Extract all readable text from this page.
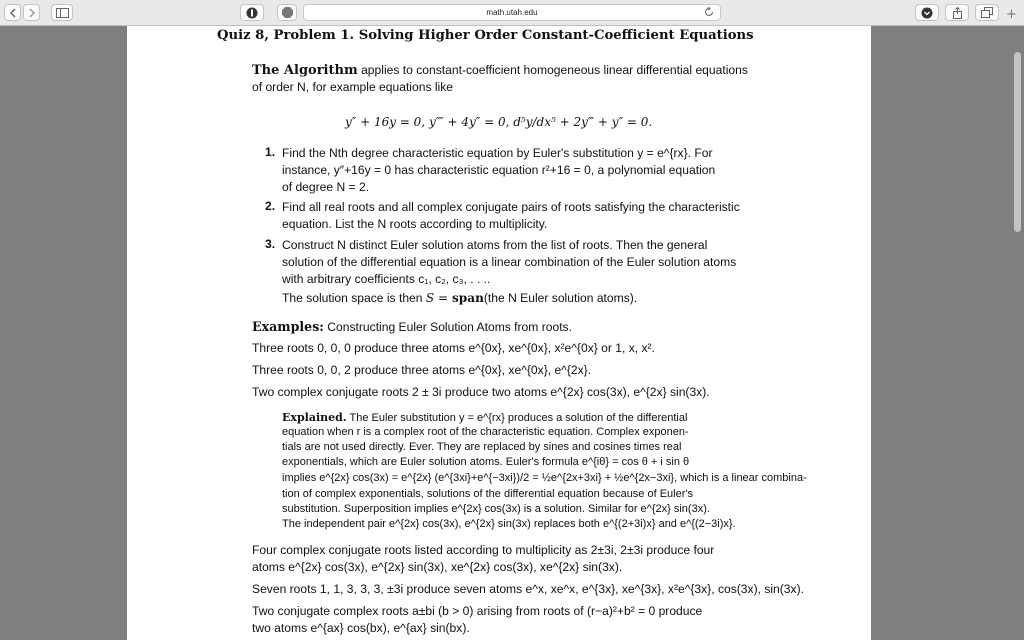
math.utah.edu	+
Quiz 8, Problem 1. Solving Higher Order Constant-Coefficient Equations
The Algorithm applies to constant-coefficient homogeneous linear differential equations
of order N, for example equations like
y″ + 16y = 0, y⁗ + 4y″ = 0, d⁵y/dx⁵ + 2y‴ + y″ = 0.
1. Find the Nth degree characteristic equation by Euler's substitution y = e^{rx}. For
instance, y″+16y = 0 has characteristic equation r²+16 = 0, a polynomial equation
of degree N = 2.
2. Find all real roots and all complex conjugate pairs of roots satisfying the characteristic
equation. List the N roots according to multiplicity.
3. Construct N distinct Euler solution atoms from the list of roots. Then the general
solution of the differential equation is a linear combination of the Euler solution atoms
with arbitrary coefficients c₁, c₂, c₃, . . ..
The solution space is then S = span(the N Euler solution atoms).
Examples: Constructing Euler Solution Atoms from roots.
Three roots 0, 0, 0 produce three atoms e^{0x}, xe^{0x}, x²e^{0x} or 1, x, x².
Three roots 0, 0, 2 produce three atoms e^{0x}, xe^{0x}, e^{2x}.
Two complex conjugate roots 2 ± 3i produce two atoms e^{2x} cos(3x), e^{2x} sin(3x).
Explained. The Euler substitution y = e^{rx} produces a solution of the differential
equation when r is a complex root of the characteristic equation. Complex exponen-
tials are not used directly. Ever. They are replaced by sines and cosines times real
exponentials, which are Euler solution atoms. Euler's formula e^{iθ} = cos θ + i sin θ
implies e^{2x} cos(3x) = e^{2x} (e^{3xi}+e^{−3xi})/2 = ½e^{2x+3xi} + ½e^{2x−3xi}, which is a linear combina-
tion of complex exponentials, solutions of the differential equation because of Euler's
substitution. Superposition implies e^{2x} cos(3x) is a solution. Similar for e^{2x} sin(3x).
The independent pair e^{2x} cos(3x), e^{2x} sin(3x) replaces both e^{(2+3i)x} and e^{(2−3i)x}.
Four complex conjugate roots listed according to multiplicity as 2±3i, 2±3i produce four
atoms e^{2x} cos(3x), e^{2x} sin(3x), xe^{2x} cos(3x), xe^{2x} sin(3x).
Seven roots 1, 1, 3, 3, 3, ±3i produce seven atoms e^x, xe^x, e^{3x}, xe^{3x}, x²e^{3x}, cos(3x), sin(3x).
Two conjugate complex roots a±bi (b > 0) arising from roots of (r−a)²+b² = 0 produce
two atoms e^{ax} cos(bx), e^{ax} sin(bx).
